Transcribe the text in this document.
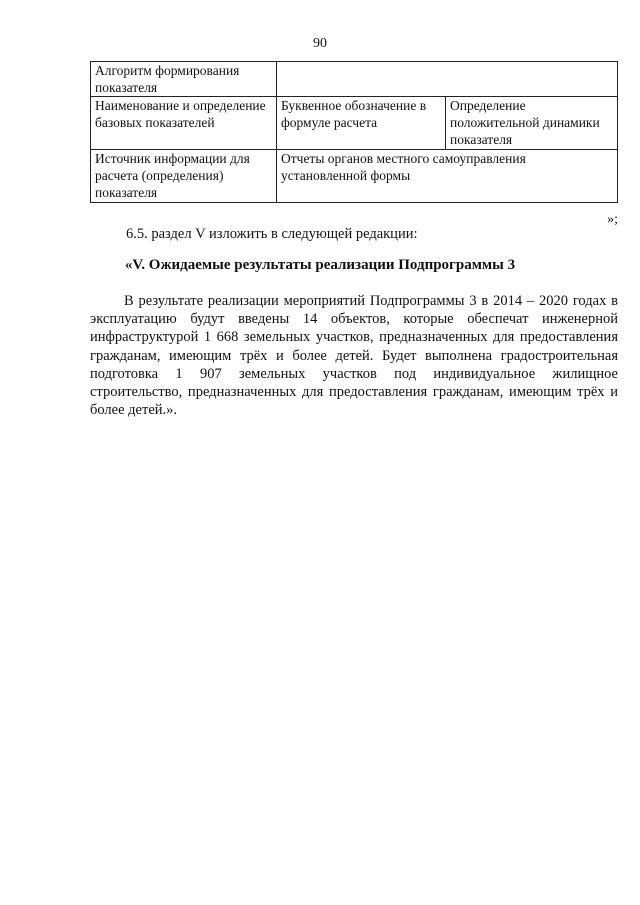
90
Алгоритм формирования показателя		
Наименование и определение базовых показателей	Буквенное обозначение в формуле расчета	Определение положительной динамики показателя
Источник информации для расчета (определения) показателя	Отчеты органов местного самоуправления установленной формы	
»;
6.5. раздел V изложить в следующей редакции:
«V. Ожидаемые результаты реализации Подпрограммы 3
В результате реализации мероприятий Подпрограммы 3 в 2014 – 2020 годах в эксплуатацию будут введены 14 объектов, которые обеспечат инженерной инфраструктурой 1 668 земельных участков, предназначенных для предоставления гражданам, имеющим трёх и более детей. Будет выполнена градостроительная подготовка 1 907 земельных участков под индивидуальное жилищное строительство, предназначенных для предоставления гражданам, имеющим трёх и более детей.».
